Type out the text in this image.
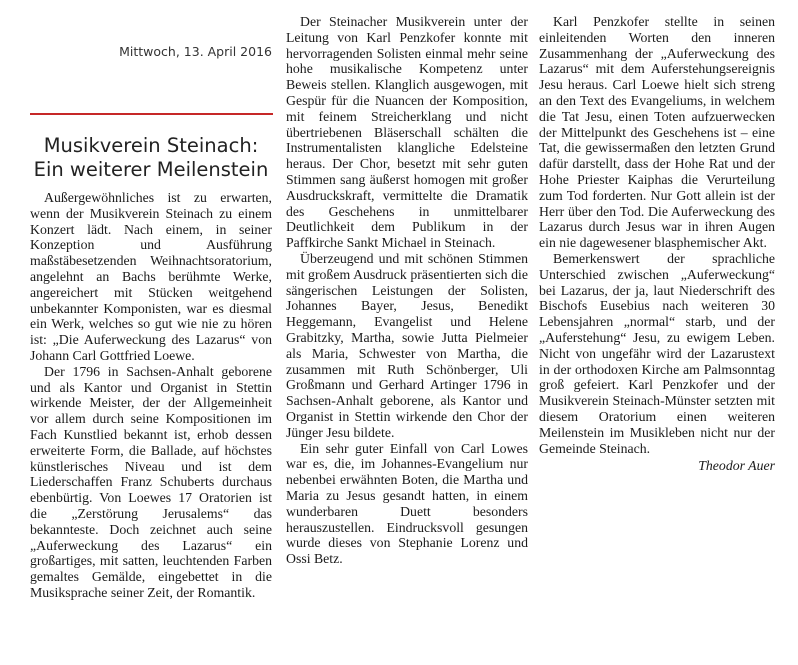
Mittwoch, 13. April 2016
Musikverein Steinach:
Ein weiterer Meilenstein

Außergewöhnliches ist zu erwarten, wenn der Musikverein Steinach zu einem Konzert lädt. Nach einem, in seiner Konzeption und Ausführung maßstäbesetzenden Weihnachtsoratorium, angelehnt an Bachs berühmte Werke, angereichert mit Stücken weitgehend unbekannter Komponisten, war es diesmal ein Werk, welches so gut wie nie zu hören ist: „Die Auferweckung des Lazarus“ von Johann Carl Gottfried Loewe.

Der 1796 in Sachsen-Anhalt geborene und als Kantor und Organist in Stettin wirkende Meister, der der Allgemeinheit vor allem durch seine Kompositionen im Fach Kunstlied bekannt ist, erhob dessen erweiterte Form, die Ballade, auf höchstes künstlerisches Niveau und ist dem Liederschaffen Franz Schuberts durchaus ebenbürtig. Von Loewes 17 Oratorien ist die „Zerstörung Jerusalems“ das bekannteste. Doch zeichnet auch seine „Auferweckung des Lazarus“ ein großartiges, mit satten, leuchtenden Farben gemaltes Gemälde, eingebettet in die Musiksprache seiner Zeit, der Romantik.

Der Steinacher Musikverein unter der Leitung von Karl Penzkofer konnte mit hervorragenden Solisten einmal mehr seine hohe musikalische Kompetenz unter Beweis stellen. Klanglich ausgewogen, mit Gespür für die Nuancen der Komposition, mit feinem Streicherklang und nicht übertriebenen Bläserschall schälten die Instrumentalisten klangliche Edelsteine heraus. Der Chor, besetzt mit sehr guten Stimmen sang äußerst homogen mit großer Ausdruckskraft, vermittelte die Dramatik des Geschehens in unmittelbarer Deutlichkeit dem Publikum in der Paffkirche Sankt Michael in Steinach.

Überzeugend und mit schönen Stimmen mit großem Ausdruck präsentierten sich die sängerischen Leistungen der Solisten, Johannes Bayer, Jesus, Benedikt Heggemann, Evangelist und Helene Grabitzky, Martha, sowie Jutta Pielmeier als Maria, Schwester von Martha, die zusammen mit Ruth Schönberger, Uli Großmann und Gerhard Artinger 1796 in Sachsen-Anhalt geborene, als Kantor und Organist in Stettin wirkende den Chor der Jünger Jesu bildete.

Ein sehr guter Einfall von Carl Lowes war es, die, im Johannes-Evangelium nur nebenbei erwähnten Boten, die Martha und Maria zu Jesus gesandt hatten, in einem wunderbaren Duett besonders herauszustellen. Eindrucksvoll gesungen wurde dieses von Stephanie Lorenz und Ossi Betz.

Karl Penzkofer stellte in seinen einleitenden Worten den inneren Zusammenhang der „Auferweckung des Lazarus“ mit dem Auferstehungsereignis Jesu heraus. Carl Loewe hielt sich streng an den Text des Evangeliums, in welchem die Tat Jesu, einen Toten aufzuerwecken der Mittelpunkt des Geschehens ist – eine Tat, die gewissermaßen den letzten Grund dafür darstellt, dass der Hohe Rat und der Hohe Priester Kaiphas die Verurteilung zum Tod forderten. Nur Gott allein ist der Herr über den Tod. Die Auferweckung des Lazarus durch Jesus war in ihren Augen ein nie dagewesener blasphemischer Akt.

Bemerkenswert der sprachliche Unterschied zwischen „Auferweckung“ bei Lazarus, der ja, laut Niederschrift des Bischofs Eusebius nach weiteren 30 Lebensjahren „normal“ starb, und der „Auferstehung“ Jesu, zu ewigem Leben. Nicht von ungefähr wird der Lazarustext in der orthodoxen Kirche am Palmsonntag groß gefeiert. Karl Penzkofer und der Musikverein Steinach-Münster setzten mit diesem Oratorium einen weiteren Meilenstein im Musikleben nicht nur der Gemeinde Steinach.

Theodor Auer
